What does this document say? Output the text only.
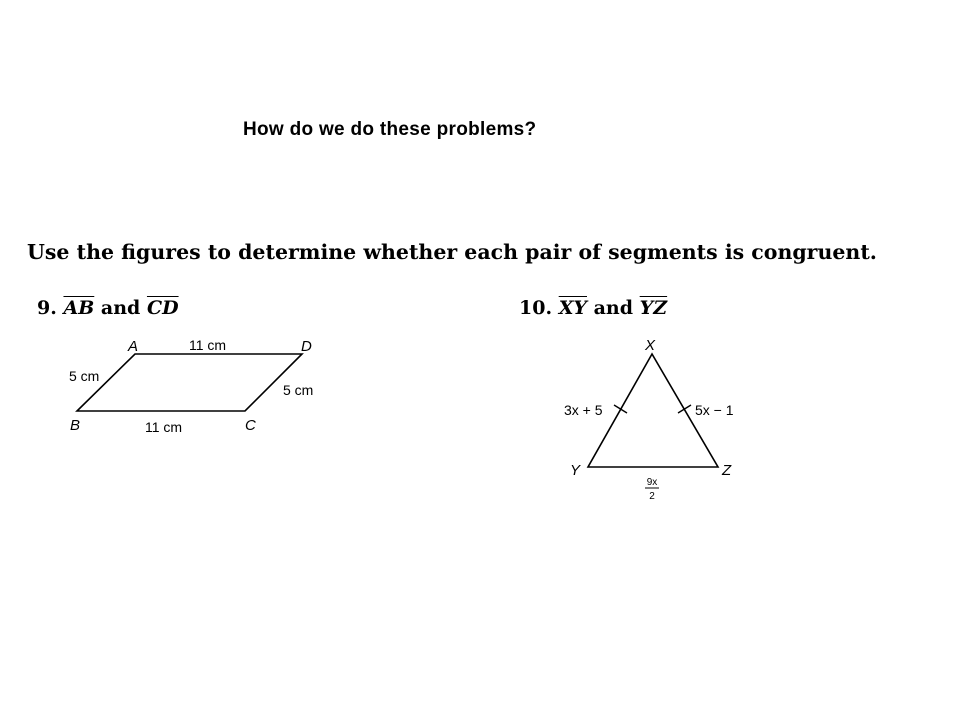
How do we do these problems?
Use the figures to determine whether each pair of segments is congruent.
9. $\overline{AB}$ and $\overline{CD}$	10. $\overline{XY}$ and $\overline{YZ}$
A	D
B	C
11 cm
11 cm
5 cm
5 cm
X
Y	Z
3x + 5	5x − 1
9x
2
